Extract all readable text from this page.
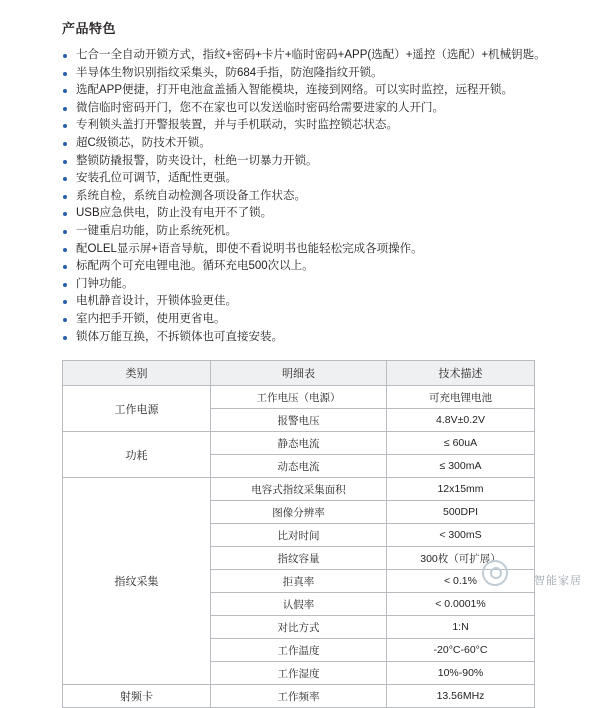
产品特色
七合一全自动开锁方式，指纹+密码+卡片+临时密码+APP(选配）+遥控（选配）+机械钥匙。
半导体生物识别指纹采集头，防684手指，防泡隆指纹开锁。
选配APP便捷，打开电池盒盖插入智能模块，连接到网络。可以实时监控，远程开锁。
微信临时密码开门，您不在家也可以发送临时密码给需要进家的人开门。
专利锁头盖打开警报装置，并与手机联动，实时监控锁芯状态。
超C级锁芯，防技术开锁。
整锁防撬报警，防夹设计，杜绝一切暴力开锁。
安装孔位可调节，适配性更强。
系统自检，系统自动检测各项设备工作状态。
USB应急供电，防止没有电开不了锁。
一键重启功能，防止系统死机。
配OLEL显示屏+语音导航，即使不看说明书也能轻松完成各项操作。
标配两个可充电锂电池。循环充电500次以上。
门钟功能。
电机静音设计，开锁体验更佳。
室内把手开锁，使用更省电。
锁体万能互换，不拆锁体也可直接安装。
类别	明细表	技术描述
工作电源	工作电压（电源）	可充电锂电池
	报警电压	4.8V±0.2V
功耗	静态电流	≤ 60uA
	动态电流	≤ 300mA
指纹采集	电容式指纹采集面积	12x15mm
	图像分辨率	500DPI
	比对时间	< 300mS
	指纹容量	300枚（可扩展）
	拒真率	< 0.1%
	认假率	< 0.0001%
	对比方式	1:N
	工作温度	-20°C-60°C
	工作湿度	10%-90%
射频卡	工作频率	13.56MHz
智能家居
